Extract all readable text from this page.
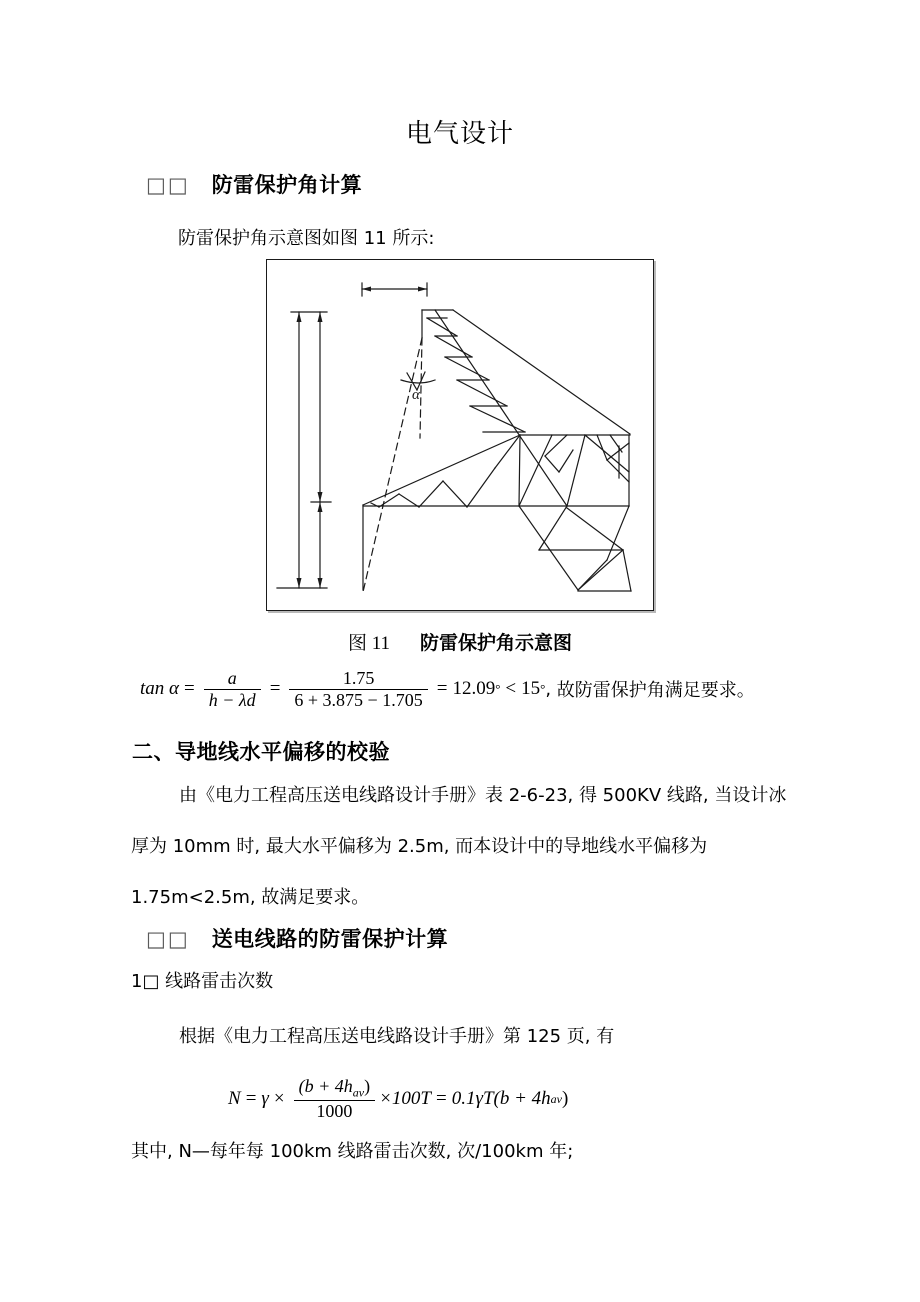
电气设计
□□ 防雷保护角计算
防雷保护角示意图如图 11 所示:
α
图 11 防雷保护角示意图
$\tan \alpha = \frac{a}{h - \lambda d} = \frac{1.75}{6 + 3.875 - 1.705} = 12.09$ ° < 15 ° , 故防雷保护角满足要求。
二、导地线水平偏移的校验
由《电力工程高压送电线路设计手册》表 2-6-23, 得 500KV 线路, 当设计冰
厚为 10mm 时, 最大水平偏移为 2.5m, 而本设计中的导地线水平偏移为
1.75m<2.5m, 故满足要求。
□□ 送电线路的防雷保护计算
1□ 线路雷击次数
根据《电力工程高压送电线路设计手册》第 125 页, 有
$N = \gamma \times \frac{(b + 4h_{av})}{1000} \times 100T = 0.1\gamma T(b + 4h$ av )
其中, N—每年每 100km 线路雷击次数, 次/100km 年;
